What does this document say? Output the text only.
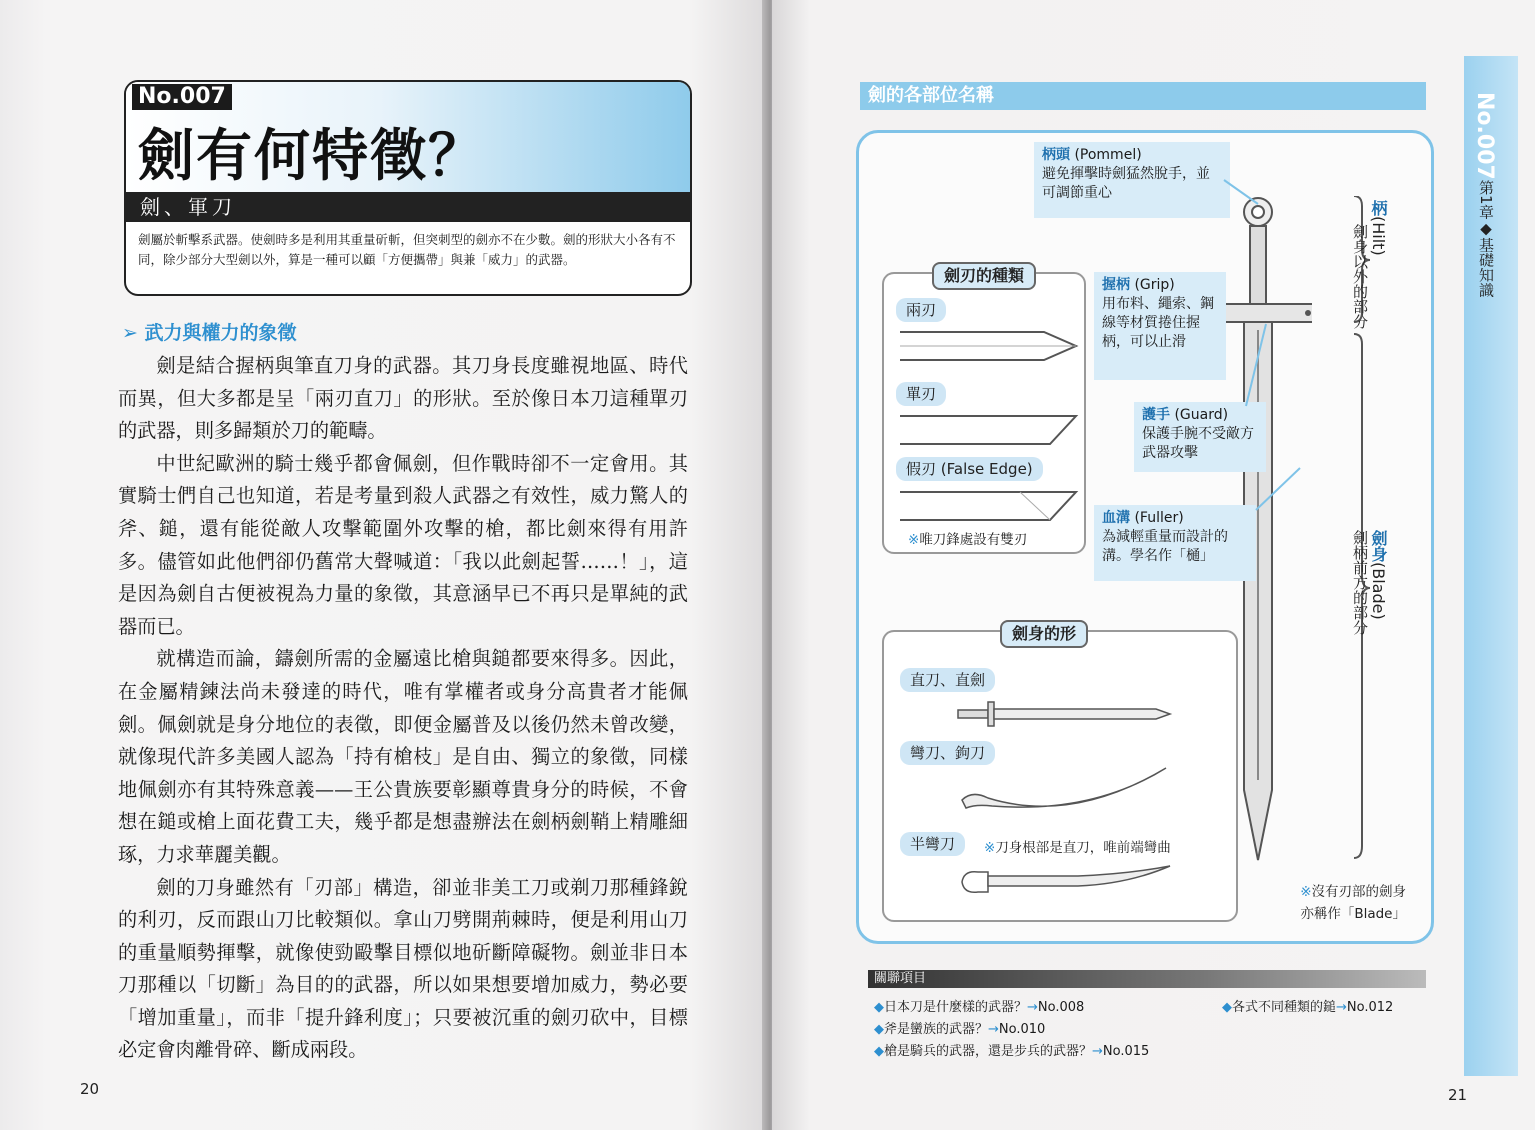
No.007
劍有何特徵？
劍、軍刀
劍屬於斬擊系武器。使劍時多是利用其重量斫斬，但突刺型的劍亦不在少數。劍的形狀大小各有不同，除少部分大型劍以外，算是一種可以顧「方便攜帶」與兼「威力」的武器。
➢ 武力與權力的象徵

劍是結合握柄與筆直刀身的武器。其刀身長度雖視地區、時代而異，但大多都是呈「兩刃直刀」的形狀。至於像日本刀這種單刃的武器，則多歸類於刀的範疇。

中世紀歐洲的騎士幾乎都會佩劍，但作戰時卻不一定會用。其實騎士們自己也知道，若是考量到殺人武器之有效性，威力驚人的斧、鎚，還有能從敵人攻擊範圍外攻擊的槍，都比劍來得有用許多。儘管如此他們卻仍舊常大聲喊道：「我以此劍起誓……！」，這是因為劍自古便被視為力量的象徵，其意涵早已不再只是單純的武器而已。

就構造而論，鑄劍所需的金屬遠比槍與鎚都要來得多。因此，在金屬精鍊法尚未發達的時代，唯有掌權者或身分高貴者才能佩劍。佩劍就是身分地位的表徵，即便金屬普及以後仍然未曾改變，就像現代許多美國人認為「持有槍枝」是自由、獨立的象徵，同樣地佩劍亦有其特殊意義——王公貴族要彰顯尊貴身分的時候，不會想在鎚或槍上面花費工夫，幾乎都是想盡辦法在劍柄劍鞘上精雕細琢，力求華麗美觀。

劍的刀身雖然有「刃部」構造，卻並非美工刀或剃刀那種鋒銳的利刃，反而跟山刀比較類似。拿山刀劈開荊棘時，便是利用山刀的重量順勢揮擊，就像使勁毆擊目標似地斫斷障礙物。劍並非日本刀那種以「切斷」為目的的武器，所以如果想要增加威力，勢必要「增加重量」，而非「提升鋒利度」；只要被沉重的劍刃砍中，目標必定會肉離骨碎、斷成兩段。

20
No.007
第1章◆基礎知識
劍的各部位名稱
柄(Hilt)
劍身以外的部分
劍身(Blade)
劍柄前方的部分
柄頭 (Pommel)
避免揮擊時劍猛然脫手，並可調節重心
握柄 (Grip)
用布料、繩索、鋼線等材質捲住握柄，可以止滑
護手 (Guard)
保護手腕不受敵方武器攻擊
血溝 (Fuller)
為減輕重量而設計的溝。學名作「樋」
劍刃的種類
兩刃
單刃
假刃 (False Edge)
※唯刀鋒處設有雙刃
劍身的形
直刀、直劍
彎刀、鉤刀
半彎刀	※刀身根部是直刀，唯前端彎曲
※沒有刃部的劍身
亦稱作「Blade」
關聯項目
◆日本刀是什麼樣的武器？→No.008
◆斧是蠻族的武器？→No.010
◆槍是騎兵的武器，還是步兵的武器？→No.015
◆各式不同種類的鎚→No.012
21
